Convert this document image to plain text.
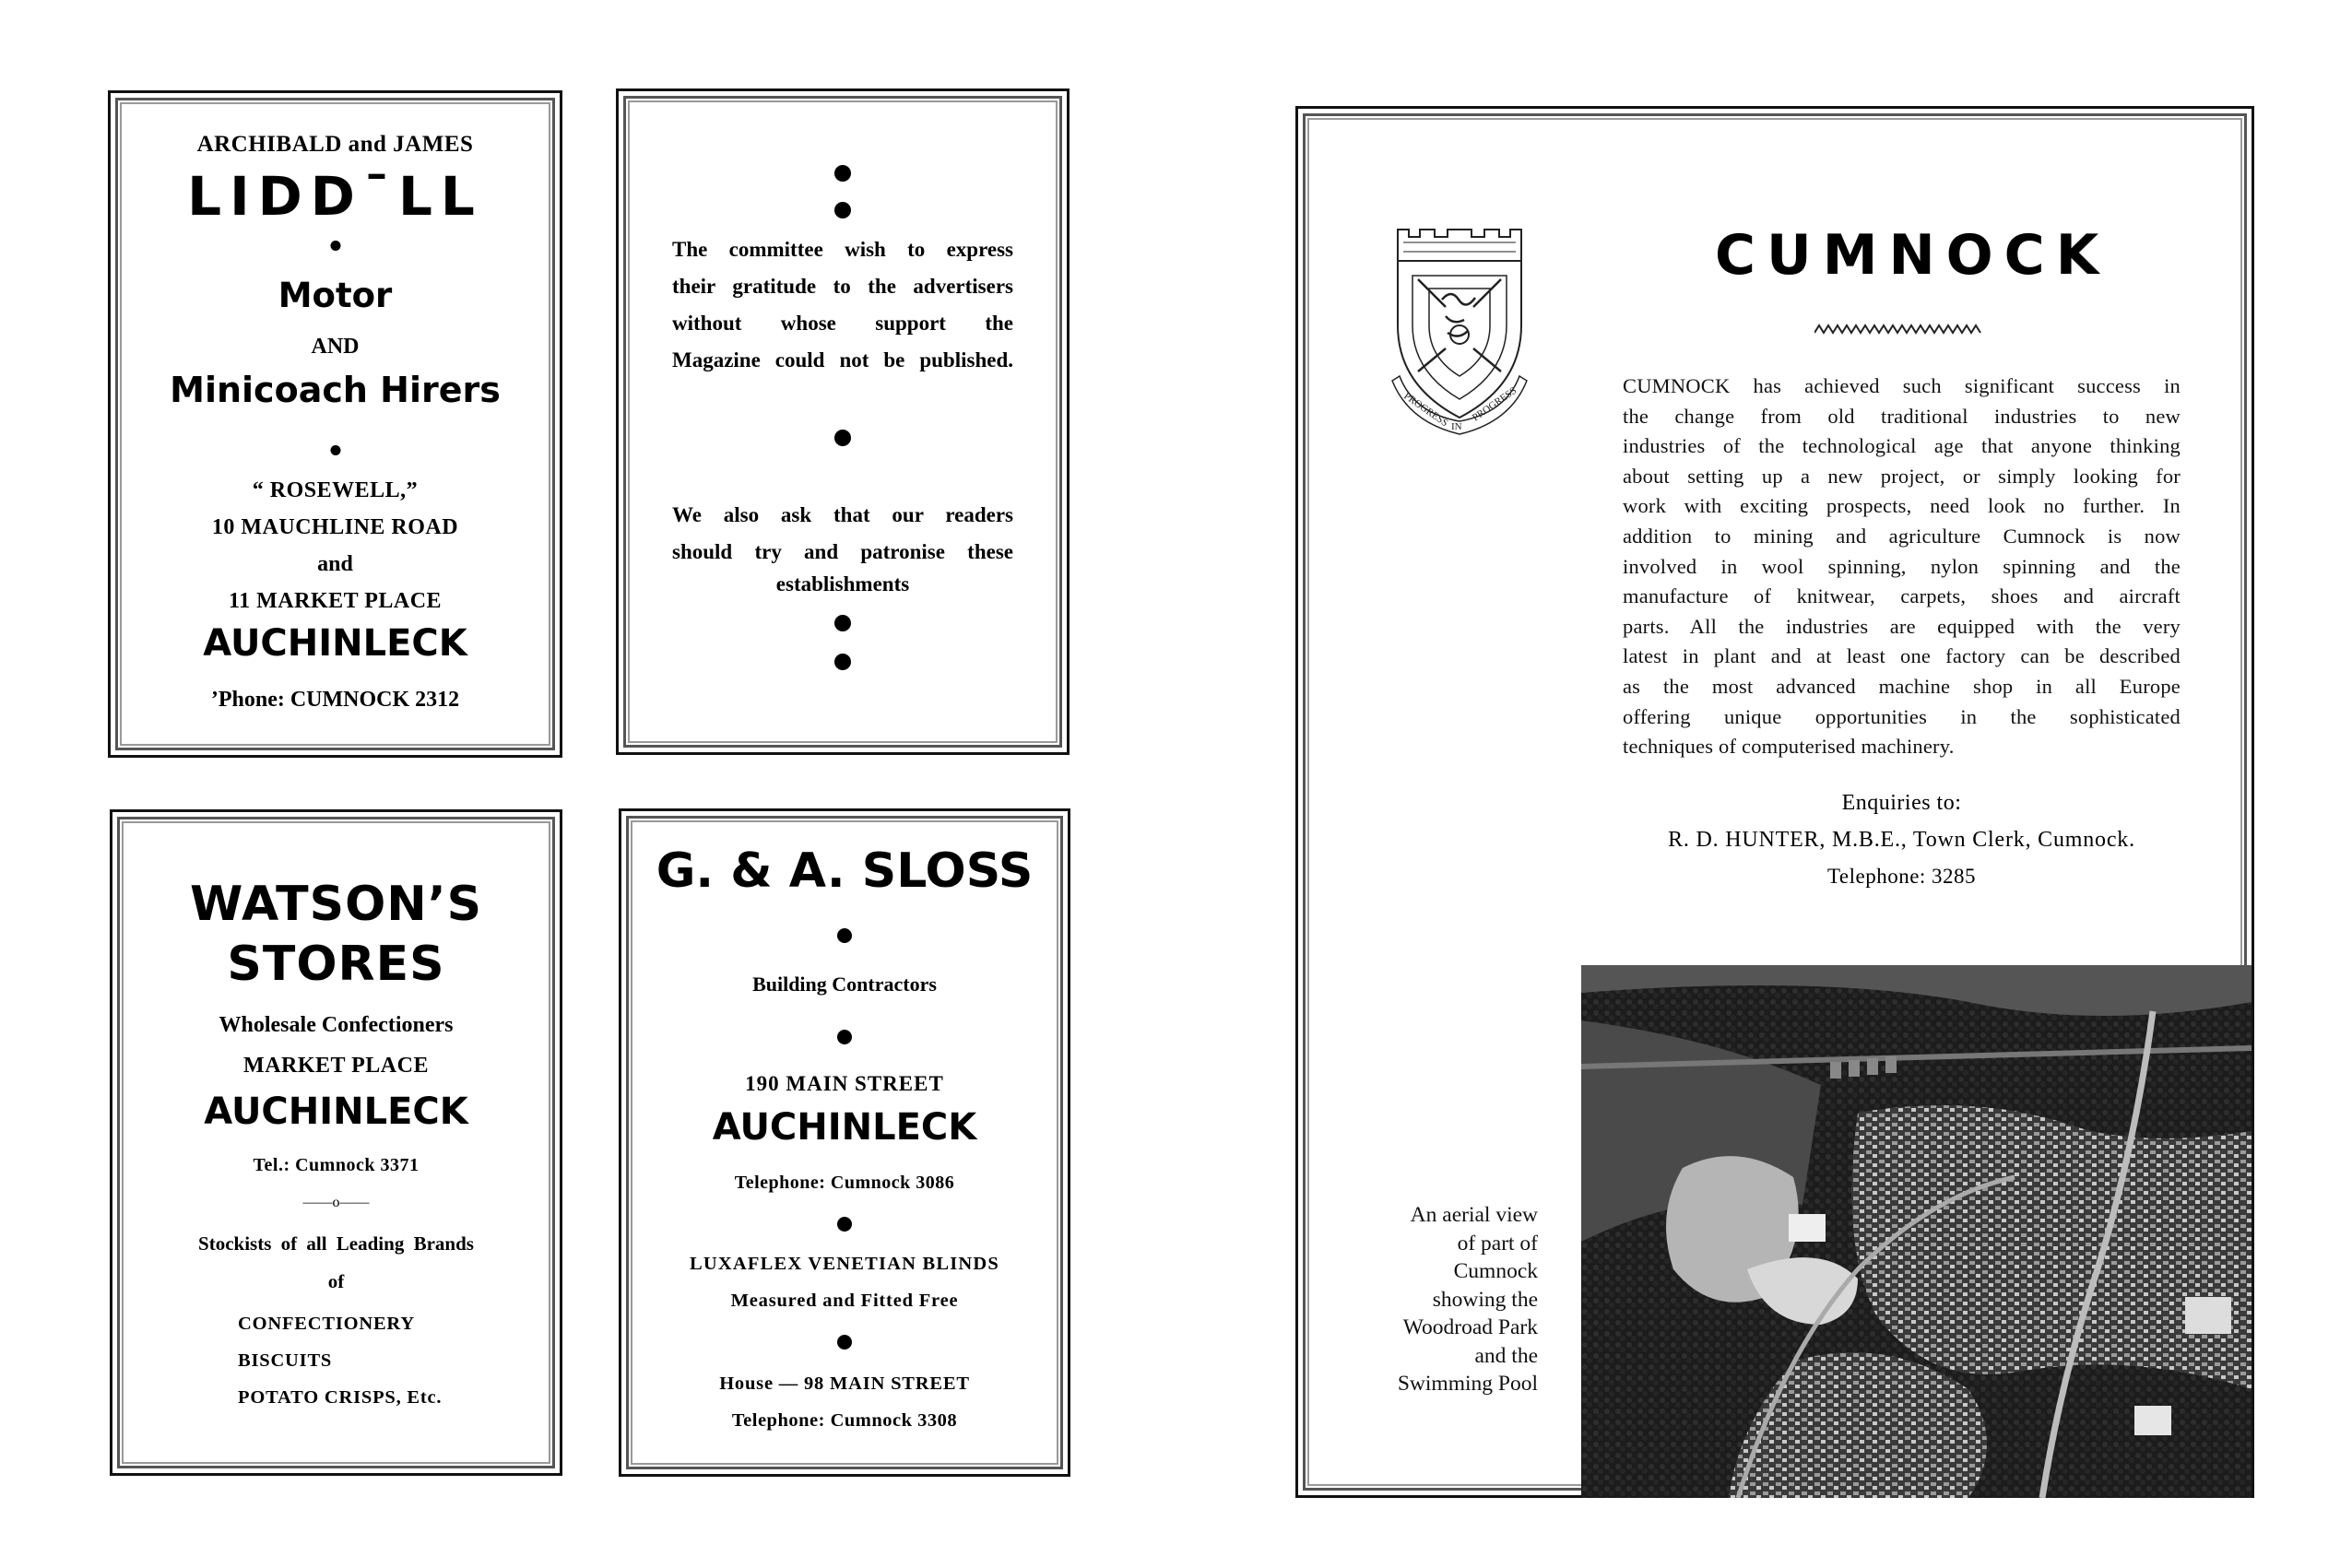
ARCHIBALD and JAMES
LIDD¯LL
Motor
AND
Minicoach Hirers
“ ROSEWELL,”
10 MAUCHLINE ROAD
and
11 MARKET PLACE
AUCHINLECK
’Phone: CUMNOCK 2312
The committee wish to express
their gratitude to the advertisers
without whose support the
Magazine could not be published.
We also ask that our readers
should try and patronise these
establishments
WATSON’S
STORES
Wholesale Confectioners
MARKET PLACE
AUCHINLECK
Tel.: Cumnock 3371
——o——
Stockists of all Leading Brands
of
CONFECTIONERY
BISCUITS
POTATO CRISPS, Etc.
G. & A. SLOSS
Building Contractors
190 MAIN STREET
AUCHINLECK
Telephone: Cumnock 3086
LUXAFLEX VENETIAN BLINDS
Measured and Fitted Free
House — 98 MAIN STREET
Telephone: Cumnock 3308
PROGRESS IN
PROGRESS
CUMNOCK
CUMNOCK has achieved such significant success in
the change from old traditional industries to new
industries of the technological age that anyone thinking
about setting up a new project, or simply looking for
work with exciting prospects, need look no further. In
addition to mining and agriculture Cumnock is now
involved in wool spinning, nylon spinning and the
manufacture of knitwear, carpets, shoes and aircraft
parts. All the industries are equipped with the very
latest in plant and at least one factory can be described
as the most advanced machine shop in all Europe
offering unique opportunities in the sophisticated
techniques of computerised machinery.
Enquiries to:
R. D. HUNTER, M.B.E., Town Clerk, Cumnock.
Telephone: 3285
An aerial view
of part of
Cumnock
showing the
Woodroad Park
and the
Swimming Pool
